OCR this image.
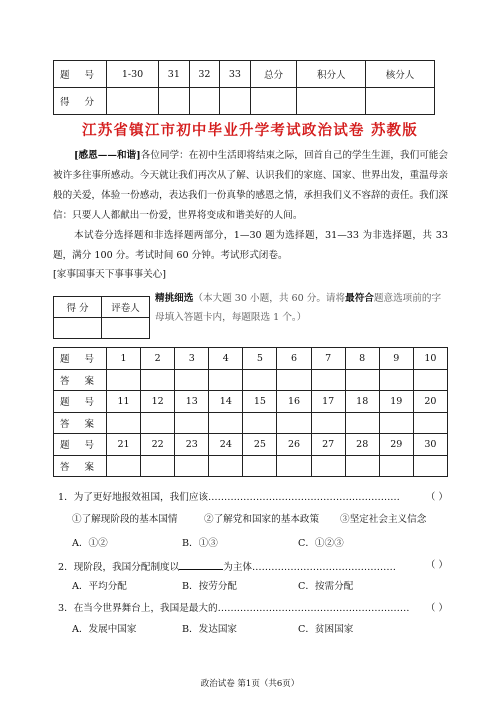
题 号	1-30	31	32	33	总分	积分人	核分人
得 分							
江苏省镇江市初中毕业升学考试政治试卷 苏教版

[感恩——和谐]各位同学：在初中生活即将结束之际，回首自己的学生生涯，我们可能会被许多往事所感动。今天就让我们再次从了解、认识我们的家庭、国家、世界出发，重温母亲般的关爱，体验一份感动，表达我们一份真挚的感恩之情，承担我们义不容辞的责任。我们深信：只要人人都献出一份爱，世界将变成和谐美好的人间。

本试卷分选择题和非选择题两部分，1—30 题为选择题，31—33 为非选择题，共 33 题，满分 100 分。考试时间 60 分钟。考试形式闭卷。

[家事国事天下事事事关心]

得 分	评卷人

精挑细选（本大题 30 小题，共 60 分。请将最符合题意选项前的字母填入答题卡内，每题限选 1 个。）

题 号	1	2	3	4	5	6	7	8	9	10
答 案										
题 号	11	12	13	14	15	16	17	18	19	20
答 案										
题 号	21	22	23	24	25	26	27	28	29	30
答 案										

1．为了更好地报效祖国，我们应该……………………………………………………	（ ）

①了解现阶段的基本国情	②了解党和国家的基本政策 ③坚定社会主义信念

A．①②	B．①③	C．①②③

2．现阶段，我国分配制度以	为主体………………………………………	（ ）

A．平均分配	B．按劳分配	C．按需分配

3．在当今世界舞台上，我国是最大的…………………………………………………… （ ）

A．发展中国家	B．发达国家	C．贫困国家

政治试卷 第1页（共6页）
